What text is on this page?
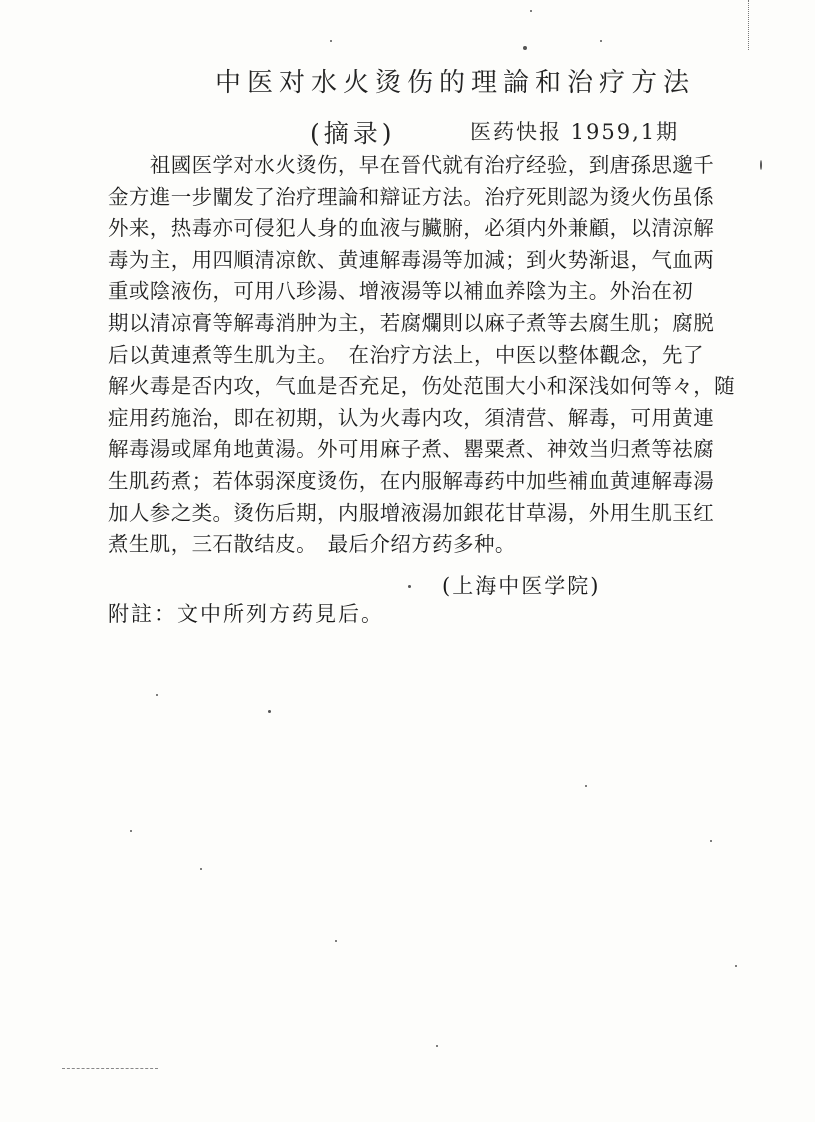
中医对水火烫伤的理論和治疗方法
(摘录)	医药快报 1959,1期

　　祖國医学对水火烫伤，早在晉代就有治疗经验，到唐孫思邈千

金方進一步闡发了治疗理論和辯证方法。治疗死則認为烫火伤虽係

外来，热毒亦可侵犯人身的血液与臟腑，必須内外兼顧，以清涼解

毒为主，用四順清凉飲、黄連解毒湯等加減；到火势渐退，气血两

重或陰液伤，可用八珍湯、增液湯等以補血养陰为主。外治在初

期以清凉膏等解毒消肿为主，若腐爛則以麻子煮等去腐生肌；腐脱

后以黄連煮等生肌为主。　在治疗方法上，中医以整体觀念，先了

解火毒是否内攻，气血是否充足，伤处范围大小和深浅如何等々，随

症用药施治，即在初期，认为火毒内攻，須清营、解毒，可用黄連

解毒湯或犀角地黄湯。外可用麻子煮、罌粟煮、神效当归煮等祛腐

生肌药煮；若体弱深度烫伤，在内服解毒药中加些補血黄連解毒湯

加人参之类。烫伤后期，内服增液湯加銀花甘草湯，外用生肌玉红

煮生肌，三石散结皮。　最后介绍方药多种。

(上海中医学院)
附註：文中所列方药見后。
